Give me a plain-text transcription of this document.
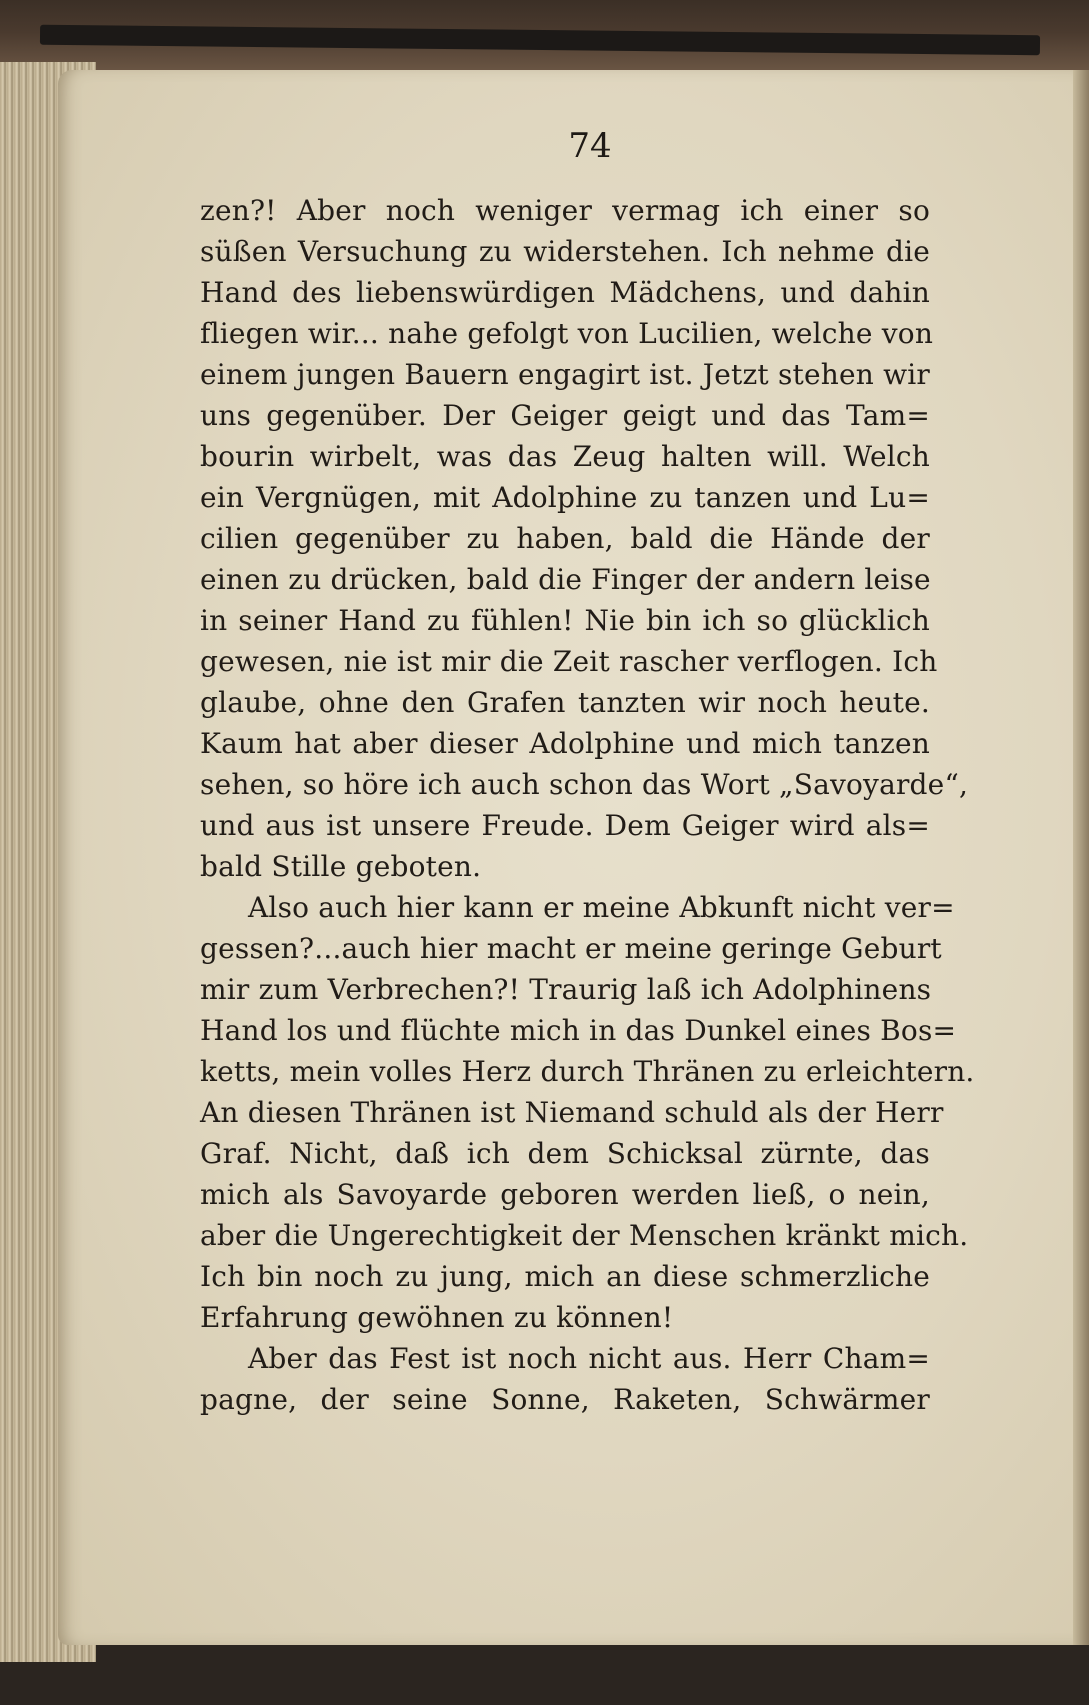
74
zen?! Aber noch weniger vermag ich einer so
süßen Versuchung zu widerstehen. Ich nehme die
Hand des liebenswürdigen Mädchens, und dahin
fliegen wir... nahe gefolgt von Lucilien, welche von
einem jungen Bauern engagirt ist. Jetzt stehen wir
uns gegenüber. Der Geiger geigt und das Tam=
bourin wirbelt, was das Zeug halten will. Welch
ein Vergnügen, mit Adolphine zu tanzen und Lu=
cilien gegenüber zu haben, bald die Hände der
einen zu drücken, bald die Finger der andern leise
in seiner Hand zu fühlen! Nie bin ich so glücklich
gewesen, nie ist mir die Zeit rascher verflogen. Ich
glaube, ohne den Grafen tanzten wir noch heute.
Kaum hat aber dieser Adolphine und mich tanzen
sehen, so höre ich auch schon das Wort „Savoyarde“,
und aus ist unsere Freude. Dem Geiger wird als=
bald Stille geboten.
Also auch hier kann er meine Abkunft nicht ver=
gessen?...auch hier macht er meine geringe Geburt
mir zum Verbrechen?! Traurig laß ich Adolphinens
Hand los und flüchte mich in das Dunkel eines Bos=
ketts, mein volles Herz durch Thränen zu erleichtern.
An diesen Thränen ist Niemand schuld als der Herr
Graf. Nicht, daß ich dem Schicksal zürnte, das
mich als Savoyarde geboren werden ließ, o nein,
aber die Ungerechtigkeit der Menschen kränkt mich.
Ich bin noch zu jung, mich an diese schmerzliche
Erfahrung gewöhnen zu können!
Aber das Fest ist noch nicht aus. Herr Cham=
pagne, der seine Sonne, Raketen, Schwärmer
